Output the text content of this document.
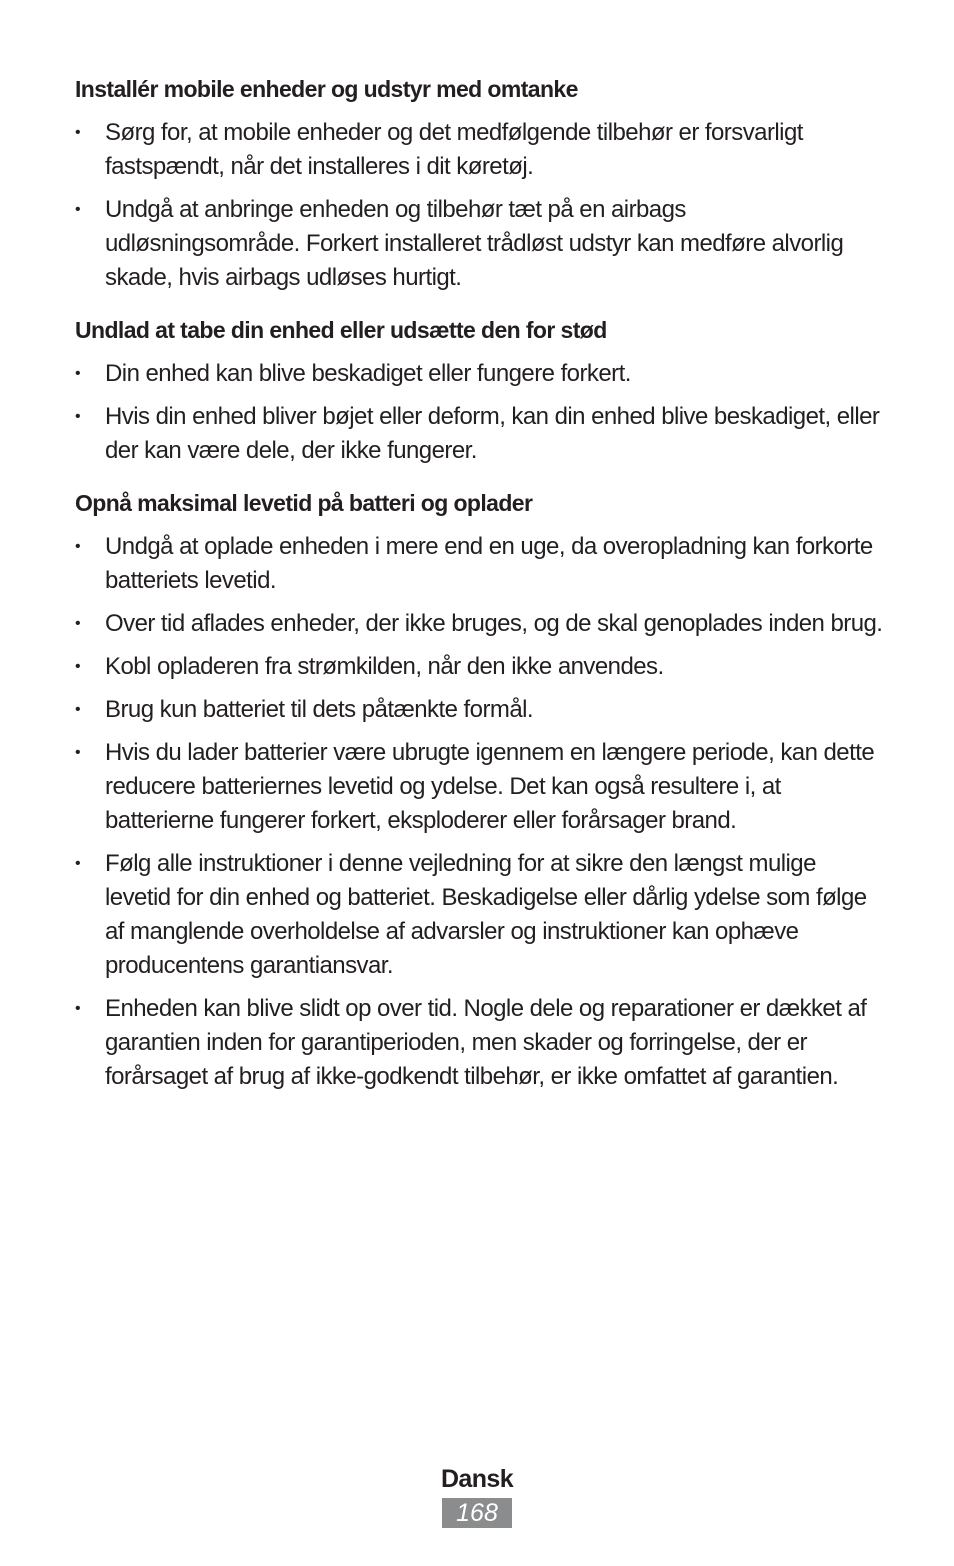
Installér mobile enheder og udstyr med omtanke
• Sørg for, at mobile enheder og det medfølgende tilbehør er forsvarligt fastspændt, når det installeres i dit køretøj.
• Undgå at anbringe enheden og tilbehør tæt på en airbags udløsningsområde. Forkert installeret trådløst udstyr kan medføre alvorlig skade, hvis airbags udløses hurtigt.
Undlad at tabe din enhed eller udsætte den for stød
• Din enhed kan blive beskadiget eller fungere forkert.
• Hvis din enhed bliver bøjet eller deform, kan din enhed blive beskadiget, eller der kan være dele, der ikke fungerer.
Opnå maksimal levetid på batteri og oplader
• Undgå at oplade enheden i mere end en uge, da overopladning kan forkorte batteriets levetid.
• Over tid aflades enheder, der ikke bruges, og de skal genoplades inden brug.
• Kobl opladeren fra strømkilden, når den ikke anvendes.
• Brug kun batteriet til dets påtænkte formål.
• Hvis du lader batterier være ubrugte igennem en længere periode, kan dette reducere batteriernes levetid og ydelse. Det kan også resultere i, at batterierne fungerer forkert, eksploderer eller forårsager brand.
• Følg alle instruktioner i denne vejledning for at sikre den længst mulige levetid for din enhed og batteriet. Beskadigelse eller dårlig ydelse som følge af manglende overholdelse af advarsler og instruktioner kan ophæve producentens garantiansvar.
• Enheden kan blive slidt op over tid. Nogle dele og reparationer er dækket af garantien inden for garantiperioden, men skader og forringelse, der er forårsaget af brug af ikke-godkendt tilbehør, er ikke omfattet af garantien.
Dansk
168
